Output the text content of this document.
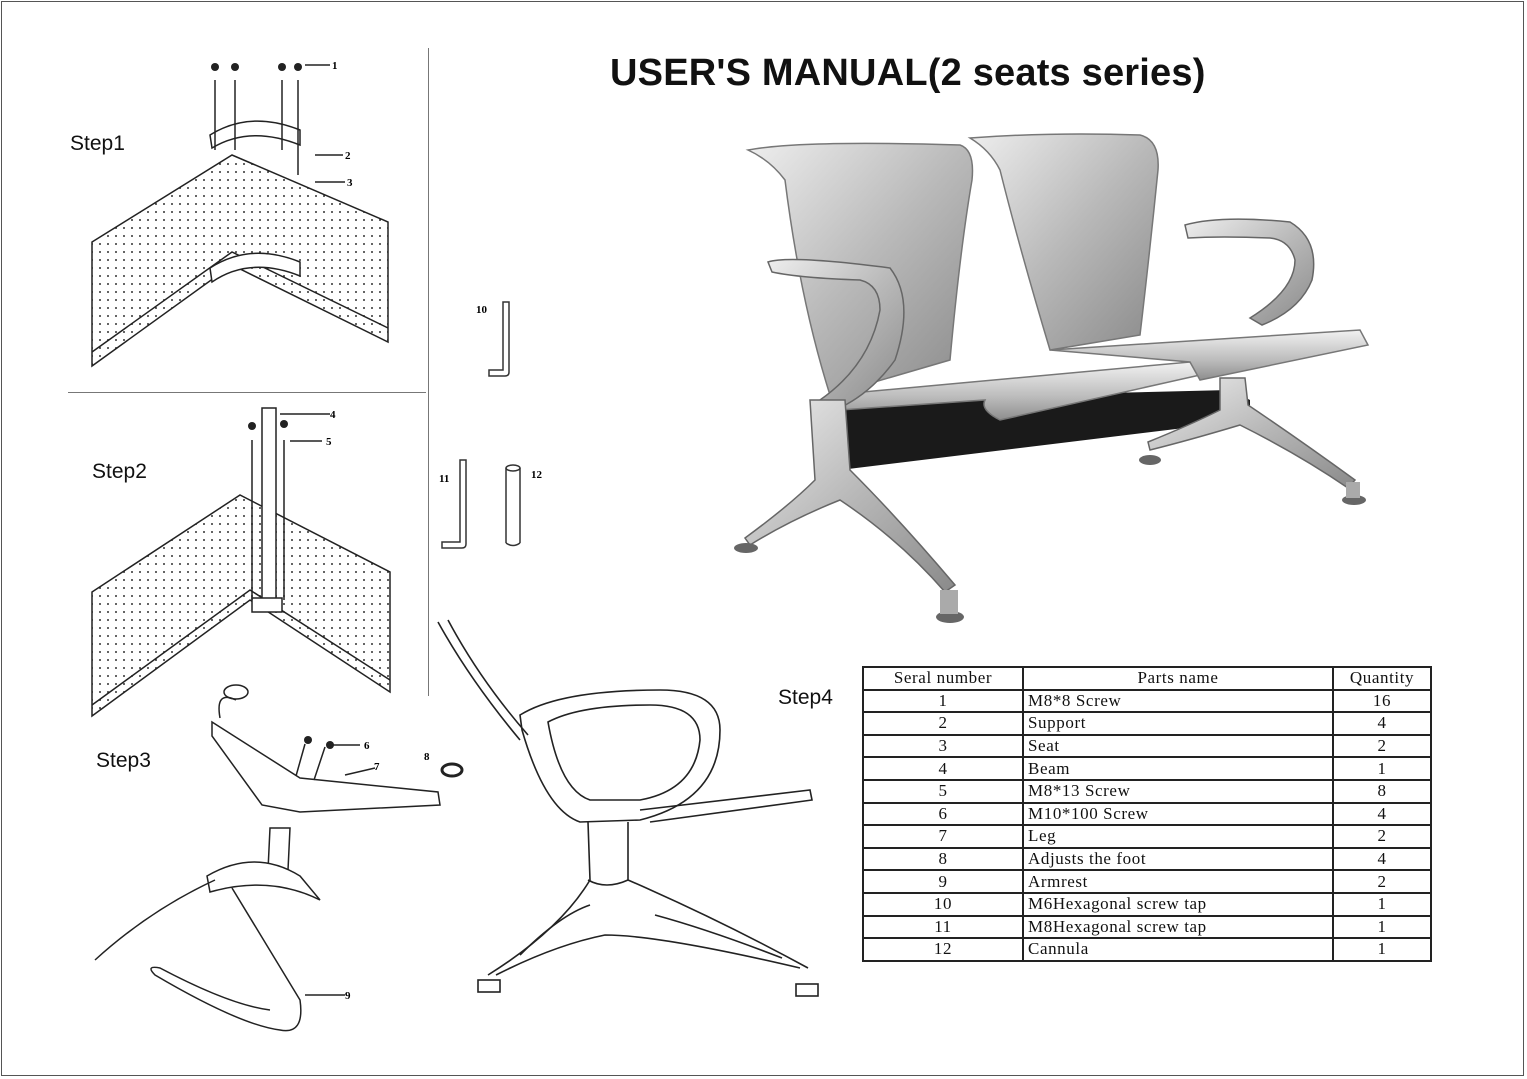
USER'S MANUAL(2 seats series)
Step1
Step2
Step3
Step4
1
2
3
10
11	12
4
5
6
7
8
9
Seral number	Parts name	Quantity
1	M8*8 Screw	16
2	Support	4
3	Seat	2
4	Beam	1
5	M8*13 Screw	8
6	M10*100 Screw	4
7	Leg	2
8	Adjusts the foot	4
9	Armrest	2
10	M6Hexagonal screw tap	1
11	M8Hexagonal screw tap	1
12	Cannula	1
